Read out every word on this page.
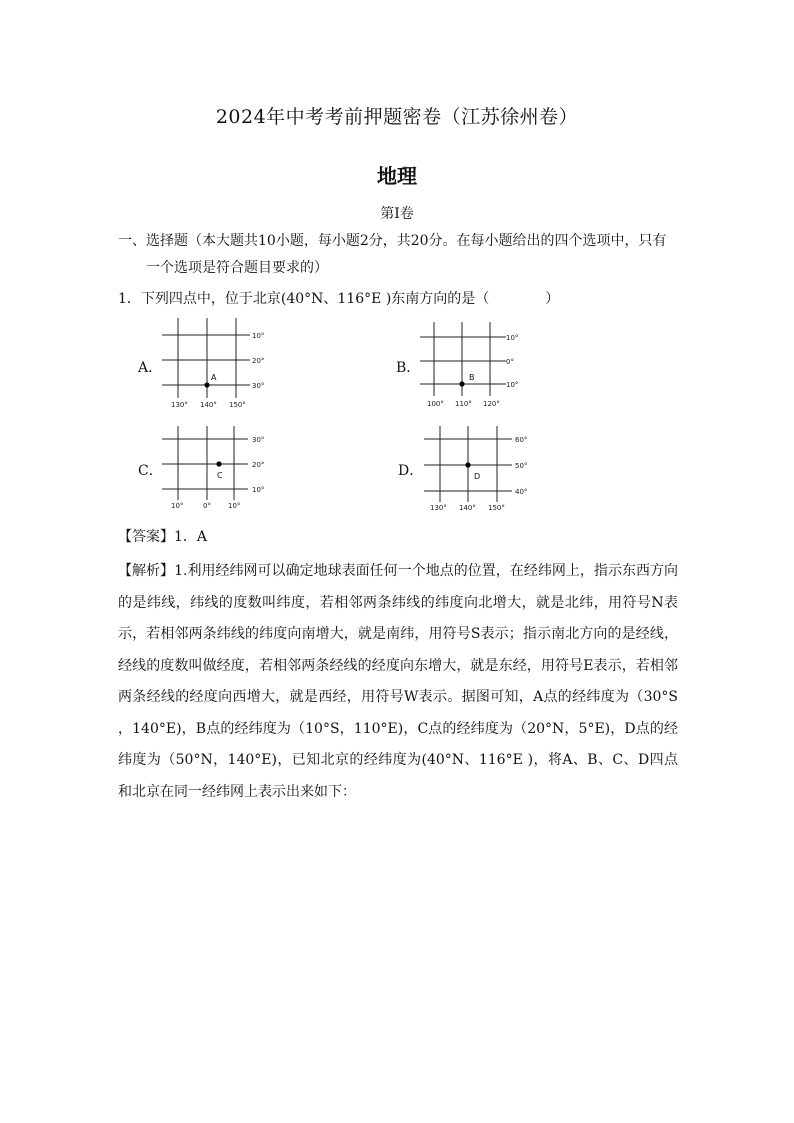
2024年中考考前押题密卷（江苏徐州卷）
地理
第Ⅰ卷
一、选择题（本大题共10小题，每小题2分，共20分。在每小题给出的四个选项中，只有
一个选项是符合题目要求的）
1．下列四点中，位于北京(40°N、116°E )东南方向的是（	）
A．
A
10°
20°
30°
130° 140° 150°
B．
B
10°
0°
10°
100° 110° 120°
C．	C
30°
20°
10°
10°	0° 10°
D．	D
60°
50°
40°
130° 140° 150°
【答案】1．A
【解析】1.利用经纬网可以确定地球表面任何一个地点的位置，在经纬网上，指示东西方向的是纬线，纬线的度数叫纬度，若相邻两条纬线的纬度向北增大，就是北纬，用符号N表示，若相邻两条纬线的纬度向南增大，就是南纬，用符号S表示；指示南北方向的是经线，经线的度数叫做经度，若相邻两条经线的经度向东增大，就是东经，用符号E表示，若相邻两条经线的经度向西增大，就是西经，用符号W表示。据图可知，A点的经纬度为（30°S ，140°E)，B点的经纬度为（10°S，110°E)，C点的经纬度为（20°N，5°E)，D点的经纬度为（50°N，140°E)，已知北京的经纬度为(40°N、116°E )，将A、B、C、D四点和北京在同一经纬网上表示出来如下：
